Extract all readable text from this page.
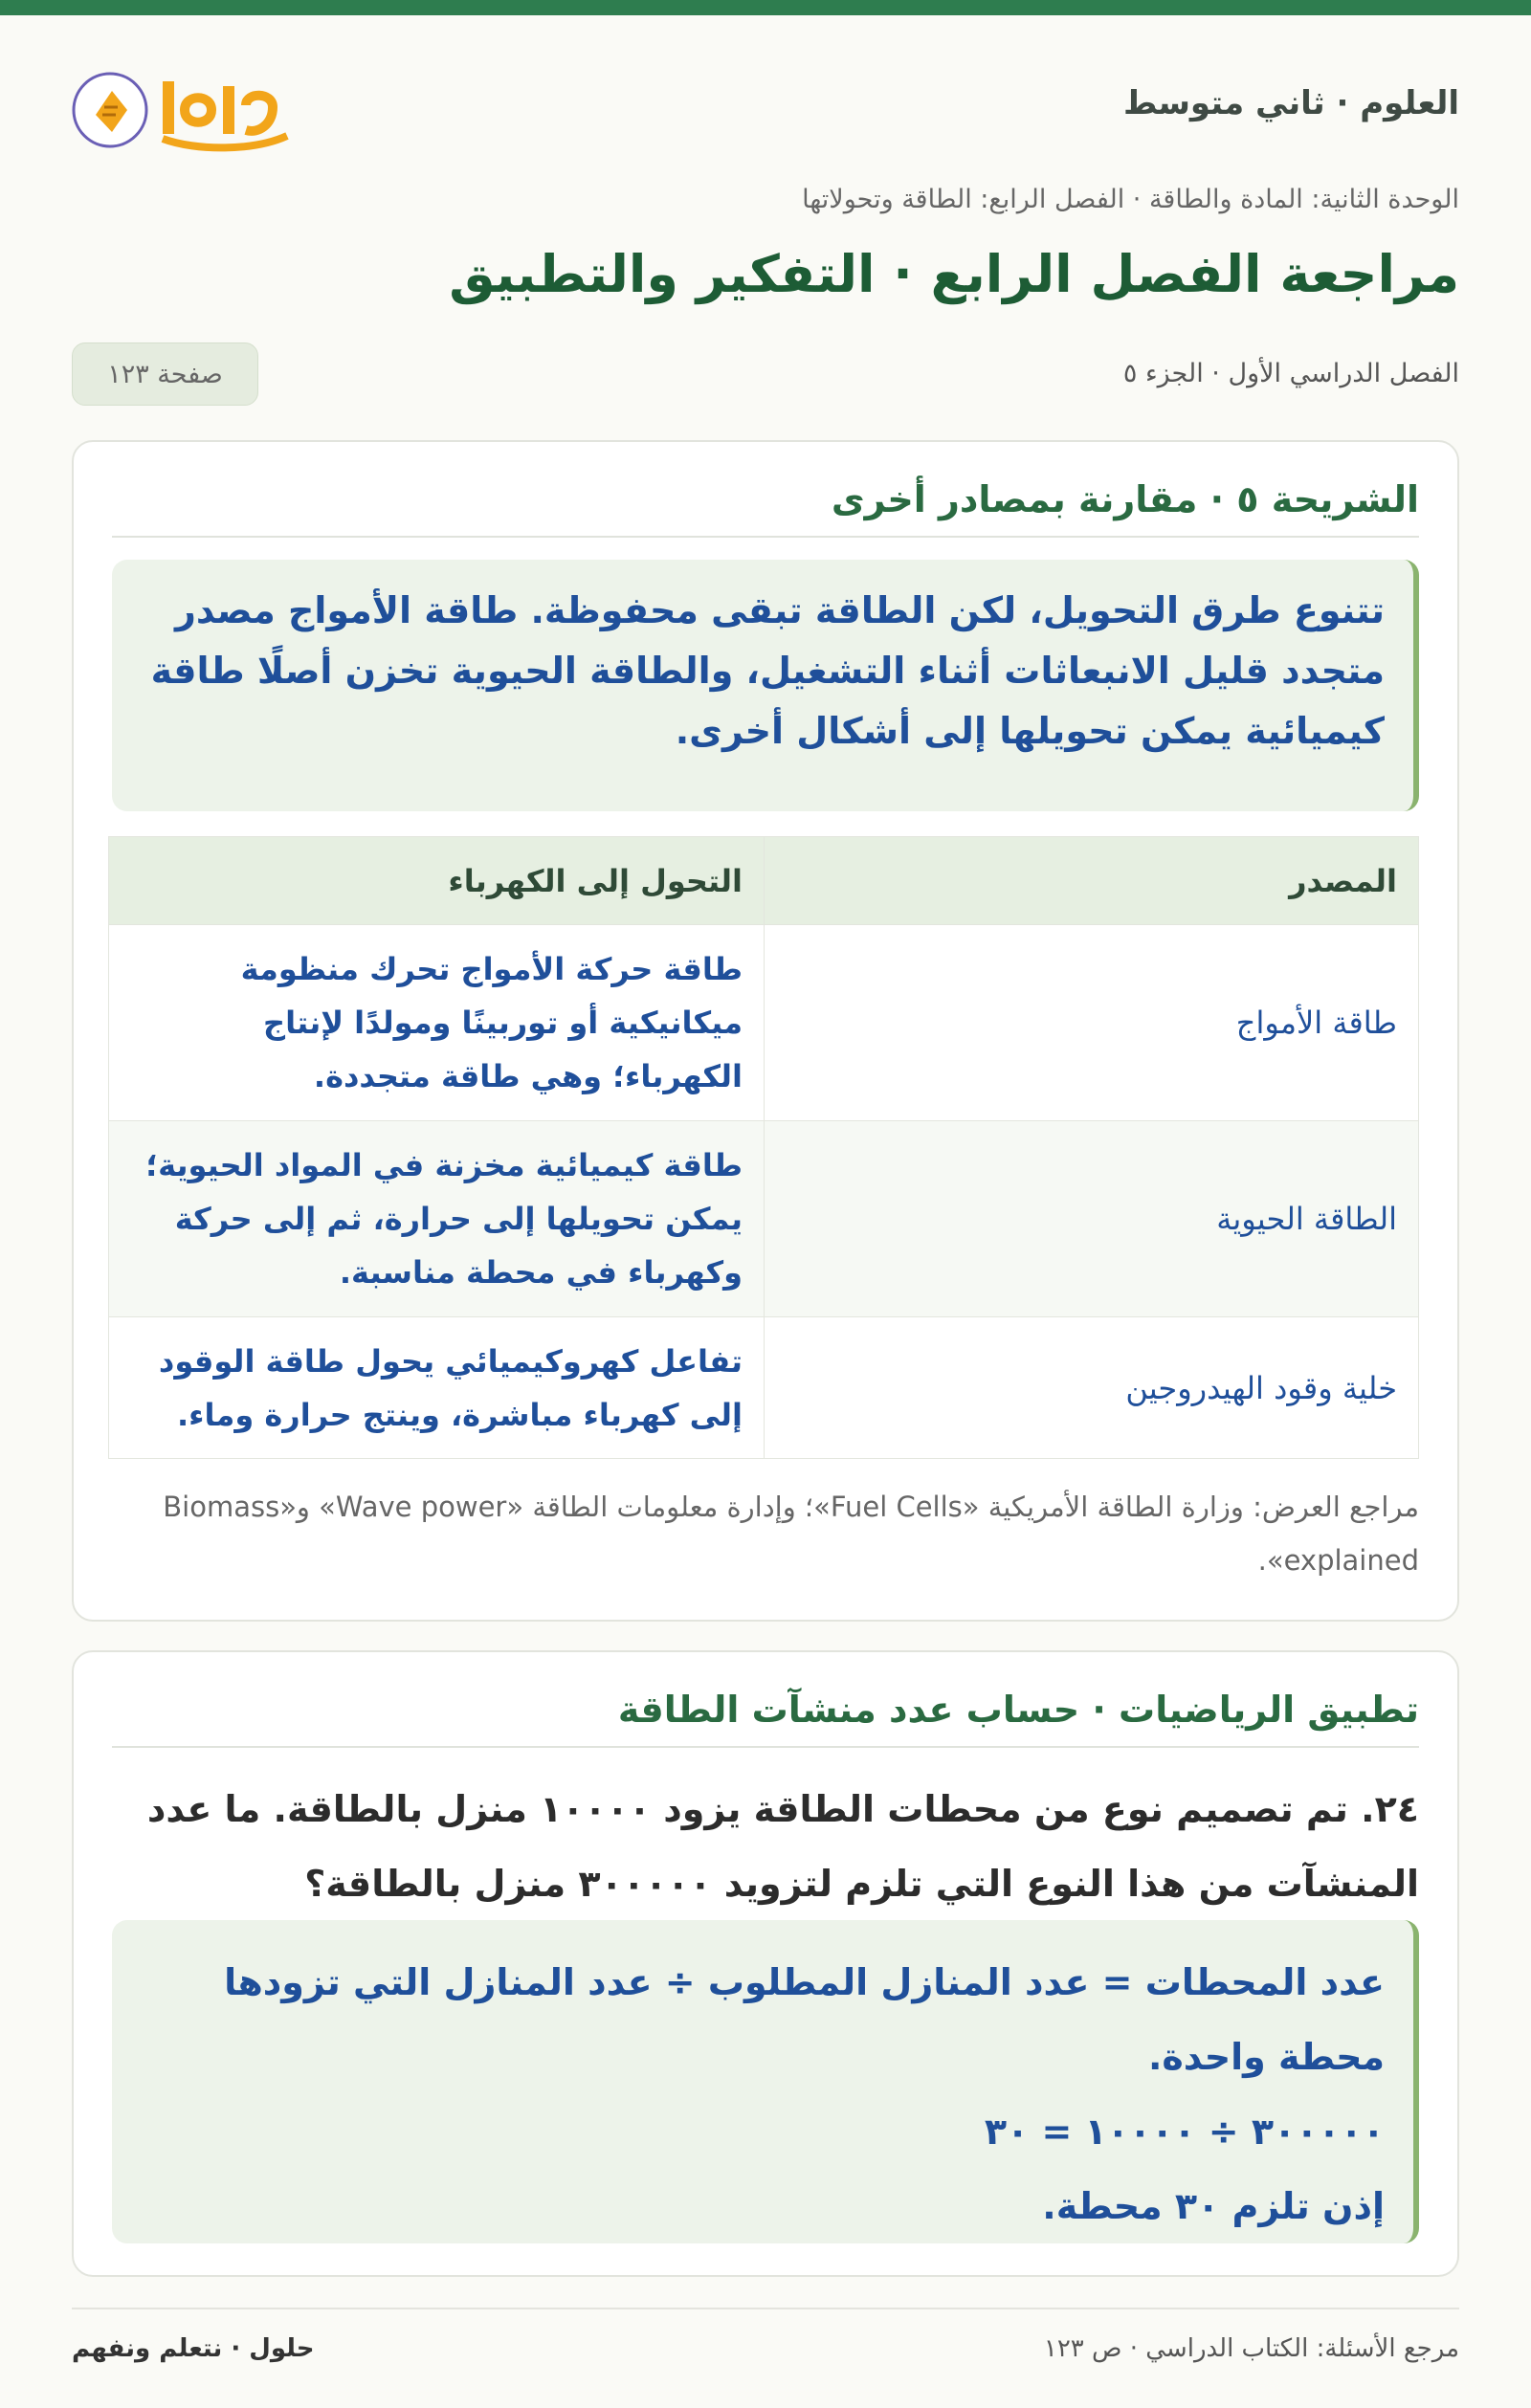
العلوم · ثاني متوسط
الوحدة الثانية: المادة والطاقة · الفصل الرابع: الطاقة وتحولاتها
مراجعة الفصل الرابع · التفكير والتطبيق
الفصل الدراسي الأول · الجزء ٥
صفحة ١٢٣
الشريحة ٥ · مقارنة بمصادر أخرى
تتنوع طرق التحويل، لكن الطاقة تبقى محفوظة. طاقة الأمواج مصدر متجدد قليل الانبعاثات أثناء التشغيل، والطاقة الحيوية تخزن أصلًا طاقة كيميائية يمكن تحويلها إلى أشكال أخرى.
المصدر	التحول إلى الكهرباء
طاقة الأمواج	طاقة حركة الأمواج تحرك منظومة ميكانيكية أو توربينًا ومولدًا لإنتاج الكهرباء؛ وهي طاقة متجددة.
الطاقة الحيوية	طاقة كيميائية مخزنة في المواد الحيوية؛ يمكن تحويلها إلى حرارة، ثم إلى حركة وكهرباء في محطة مناسبة.
خلية وقود الهيدروجين	تفاعل كهروكيميائي يحول طاقة الوقود إلى كهرباء مباشرة، وينتج حرارة وماء.

مراجع العرض: وزارة الطاقة الأمريكية «Fuel Cells»؛ وإدارة معلومات الطاقة «Wave power» و«Biomass explained».

تطبيق الرياضيات · حساب عدد منشآت الطاقة

٢٤. تم تصميم نوع من محطات الطاقة يزود ١٠٠٠٠ منزل بالطاقة. ما عدد المنشآت من هذا النوع التي تلزم لتزويد ٣٠٠٠٠٠ منزل بالطاقة؟

عدد المحطات = عدد المنازل المطلوب ÷ عدد المنازل التي تزودها محطة واحدة.
٣٠٠٠٠٠ ÷ ١٠٠٠٠ = ٣٠
إذن تلزم ٣٠ محطة.
مرجع الأسئلة: الكتاب الدراسي · ص ١٢٣
حلول · نتعلم ونفهم
